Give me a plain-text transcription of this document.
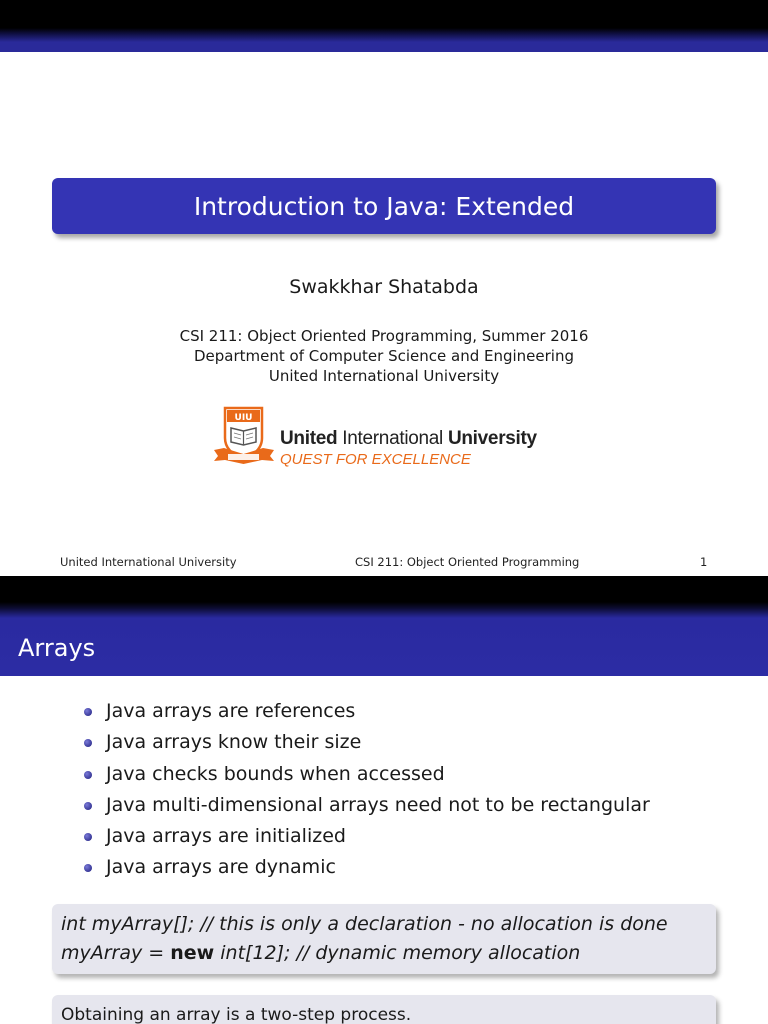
Introduction to Java: Extended
Swakkhar Shatabda
CSI 211: Object Oriented Programming, Summer 2016
Department of Computer Science and Engineering
United International University
UIU
United International University
QUEST FOR EXCELLENCE
United International University	CSI 211: Object Oriented Programming	1
Arrays
Java arrays are references
Java arrays know their size
Java checks bounds when accessed
Java multi-dimensional arrays need not to be rectangular
Java arrays are initialized
Java arrays are dynamic
int myArray[]; // this is only a declaration - no allocation is done
myArray = new int[12]; // dynamic memory allocation
Obtaining an array is a two-step process.
